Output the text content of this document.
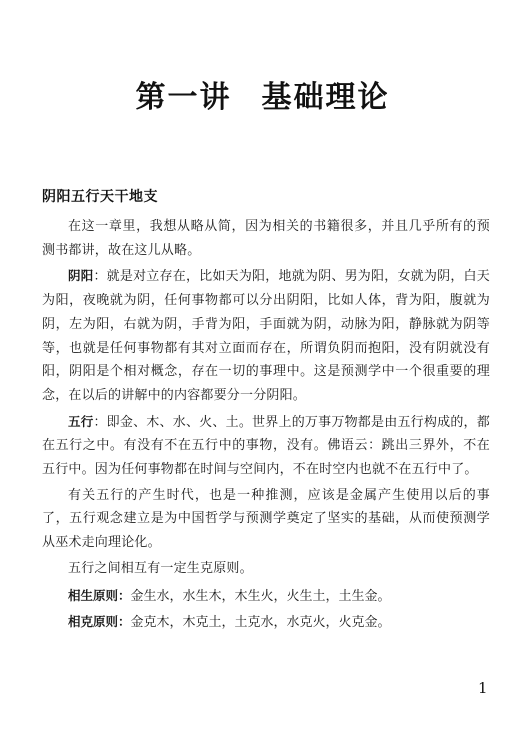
第一讲 基础理论
阴阳五行天干地支

在这一章里，我想从略从简，因为相关的书籍很多，并且几乎所有的预测书都讲，故在这儿从略。

阴阳：就是对立存在，比如天为阳，地就为阴、男为阳，女就为阴，白天为阳，夜晚就为阴，任何事物都可以分出阴阳，比如人体，背为阳，腹就为阴，左为阳，右就为阴，手背为阳，手面就为阴，动脉为阳，静脉就为阴等等，也就是任何事物都有其对立面而存在，所谓负阴而抱阳，没有阴就没有阳，阴阳是个相对概念，存在一切的事理中。这是预测学中一个很重要的理念，在以后的讲解中的内容都要分一分阴阳。

五行：即金、木、水、火、土。世界上的万事万物都是由五行构成的，都在五行之中。有没有不在五行中的事物，没有。佛语云：跳出三界外，不在五行中。因为任何事物都在时间与空间内，不在时空内也就不在五行中了。

有关五行的产生时代，也是一种推测，应该是金属产生使用以后的事了，五行观念建立是为中国哲学与预测学奠定了坚实的基础，从而使预测学从巫术走向理论化。

五行之间相互有一定生克原则。

相生原则：金生水，水生木，木生火，火生土，土生金。

相克原则：金克木，木克土，土克水，水克火，火克金。

1
